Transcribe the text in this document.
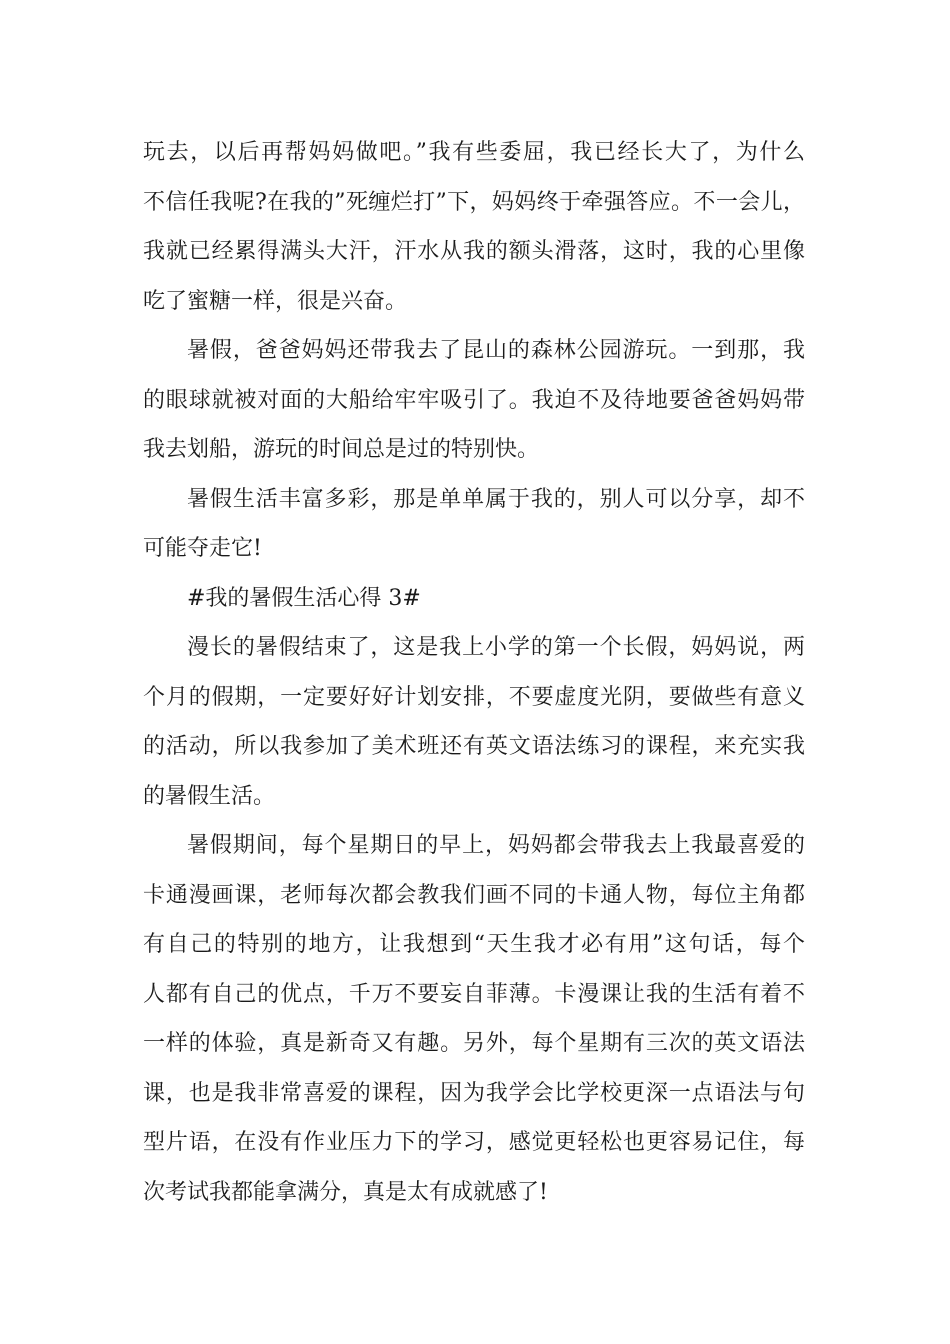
玩去，以后再帮妈妈做吧。”我有些委屈，我已经长大了，为什么
不信任我呢?在我的”死缠烂打”下，妈妈终于牵强答应。不一会儿，
我就已经累得满头大汗，汗水从我的额头滑落，这时，我的心里像
吃了蜜糖一样，很是兴奋。
暑假，爸爸妈妈还带我去了昆山的森林公园游玩。一到那，我
的眼球就被对面的大船给牢牢吸引了。我迫不及待地要爸爸妈妈带
我去划船，游玩的时间总是过的特别快。
暑假生活丰富多彩，那是单单属于我的，别人可以分享，却不
可能夺走它!
#我的暑假生活心得 3#
漫长的暑假结束了，这是我上小学的第一个长假，妈妈说，两
个月的假期，一定要好好计划安排，不要虚度光阴，要做些有意义
的活动，所以我参加了美术班还有英文语法练习的课程，来充实我
的暑假生活。
暑假期间，每个星期日的早上，妈妈都会带我去上我最喜爱的
卡通漫画课，老师每次都会教我们画不同的卡通人物，每位主角都
有自己的特别的地方，让我想到“天生我才必有用”这句话，每个
人都有自己的优点，千万不要妄自菲薄。卡漫课让我的生活有着不
一样的体验，真是新奇又有趣。另外，每个星期有三次的英文语法
课，也是我非常喜爱的课程，因为我学会比学校更深一点语法与句
型片语，在没有作业压力下的学习，感觉更轻松也更容易记住，每
次考试我都能拿满分，真是太有成就感了!
